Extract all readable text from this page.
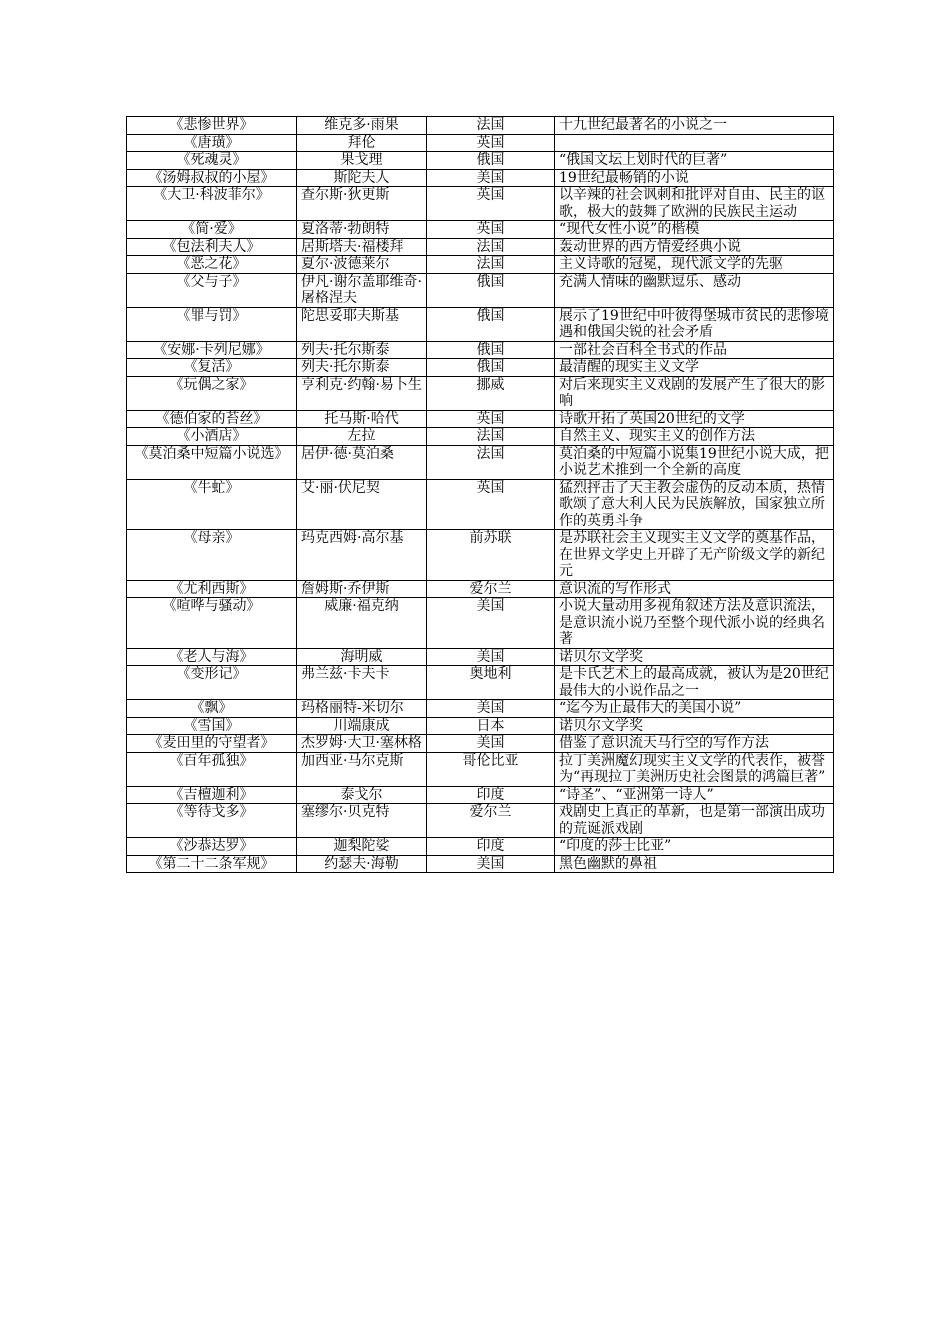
《悲惨世界》	维克多·雨果	法国	十九世纪最著名的小说之一
《唐璜》	拜伦	英国	
《死魂灵》	果戈理	俄国	“俄国文坛上划时代的巨著”
《汤姆叔叔的小屋》	斯陀夫人	美国	19世纪最畅销的小说
《大卫·科波菲尔》	查尔斯·狄更斯	英国	以辛辣的社会讽刺和批评对自由、民主的讴歌，极大的鼓舞了欧洲的民族民主运动
《简·爱》	夏洛蒂·勃朗特	英国	“现代女性小说”的楷模
《包法利夫人》	居斯塔夫·福楼拜	法国	轰动世界的西方情爱经典小说
《恶之花》	夏尔·波德莱尔	法国	主义诗歌的冠冕，现代派文学的先驱
《父与子》	伊凡·谢尔盖耶维奇·屠格涅夫	俄国	充满人情味的幽默逗乐、感动
《罪与罚》	陀思妥耶夫斯基	俄国	展示了19世纪中叶彼得堡城市贫民的悲惨境遇和俄国尖锐的社会矛盾
《安娜·卡列尼娜》	列夫·托尔斯泰	俄国	一部社会百科全书式的作品
《复活》	列夫·托尔斯泰	俄国	最清醒的现实主义文学
《玩偶之家》	亨利克·约翰·易卜生	挪威	对后来现实主义戏剧的发展产生了很大的影响
《德伯家的苔丝》	托马斯·哈代	英国	诗歌开拓了英国20世纪的文学
《小酒店》	左拉	法国	自然主义、现实主义的创作方法
《莫泊桑中短篇小说选》	居伊·德·莫泊桑	法国	莫泊桑的中短篇小说集19世纪小说大成，把小说艺术推到一个全新的高度
《牛虻》	艾·丽·伏尼契	英国	猛烈抨击了天主教会虚伪的反动本质，热情歌颂了意大利人民为民族解放，国家独立所作的英勇斗争
《母亲》	玛克西姆·高尔基	前苏联	是苏联社会主义现实主义文学的奠基作品，在世界文学史上开辟了无产阶级文学的新纪元
《尤利西斯》	詹姆斯·乔伊斯	爱尔兰	意识流的写作形式
《喧哗与骚动》	威廉·福克纳	美国	小说大量动用多视角叙述方法及意识流法，是意识流小说乃至整个现代派小说的经典名著
《老人与海》	海明威	美国	诺贝尔文学奖
《变形记》	弗兰兹·卡夫卡	奥地利	是卡氏艺术上的最高成就，被认为是20世纪最伟大的小说作品之一
《飘》	玛格丽特-米切尔	美国	“迄今为止最伟大的美国小说”
《雪国》	川端康成	日本	诺贝尔文学奖
《麦田里的守望者》	杰罗姆·大卫·塞林格	美国	借鉴了意识流天马行空的写作方法
《百年孤独》	加西亚·马尔克斯	哥伦比亚	拉丁美洲魔幻现实主义文学的代表作，被誉为“再现拉丁美洲历史社会图景的鸿篇巨著”
《吉檀迦利》	泰戈尔	印度	“诗圣”、“亚洲第一诗人”
《等待戈多》	塞缪尔·贝克特	爱尔兰	戏剧史上真正的革新，也是第一部演出成功的荒诞派戏剧
《沙恭达罗》	迦梨陀娑	印度	“印度的莎士比亚”
《第二十二条军规》	约瑟夫·海勒	美国	黑色幽默的鼻祖
